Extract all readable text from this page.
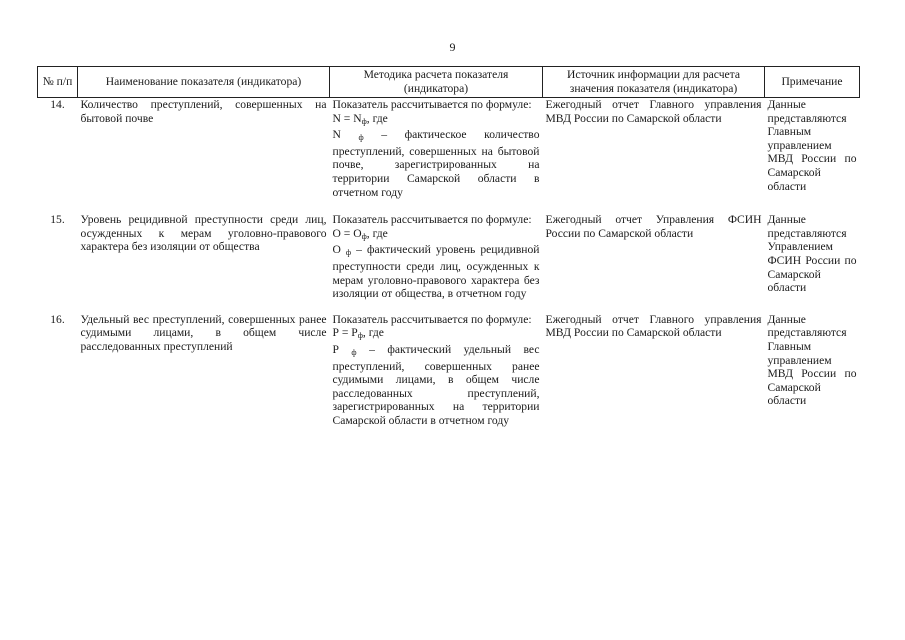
9
№ п/п	Наименование показателя (индикатора)	Методика расчета показателя (индикатора)	Источник информации для расчета значения показателя (индикатора)	Примечание
14.	Количество преступлений, совершенных на бытовой почве	Показатель рассчитывается по формуле:
$N = N_ф$, где
N $_ф$ – фактическое количество преступлений, совершенных на бытовой почве, зарегистрированных на территории Самарской области в отчетном году	Ежегодный отчет Главного управления МВД России по Самарской области	Данные представляются Главным управлением МВД России по Самарской области
15.	Уровень рецидивной преступности среди лиц, осужденных к мерам уголовно-правового характера без изоляции от общества	Показатель рассчитывается по формуле:
$О = О_ф$, где
О $_ф$ – фактический уровень рецидивной преступности среди лиц, осужденных к мерам уголовно-правового характера без изоляции от общества, в отчетном году	Ежегодный отчет Управления ФСИН России по Самарской области	Данные представляются Управлением ФСИН России по Самарской области
16.	Удельный вес преступлений, совершенных ранее судимыми лицами, в общем числе расследованных преступлений	Показатель рассчитывается по формуле:
$Р = Р_ф$, где
Р $_ф$ – фактический удельный вес преступлений, совершенных ранее судимыми лицами, в общем числе расследованных преступлений, зарегистрированных на территории Самарской области в отчетном году	Ежегодный отчет Главного управления МВД России по Самарской области	Данные представляются Главным управлением МВД России по Самарской области
